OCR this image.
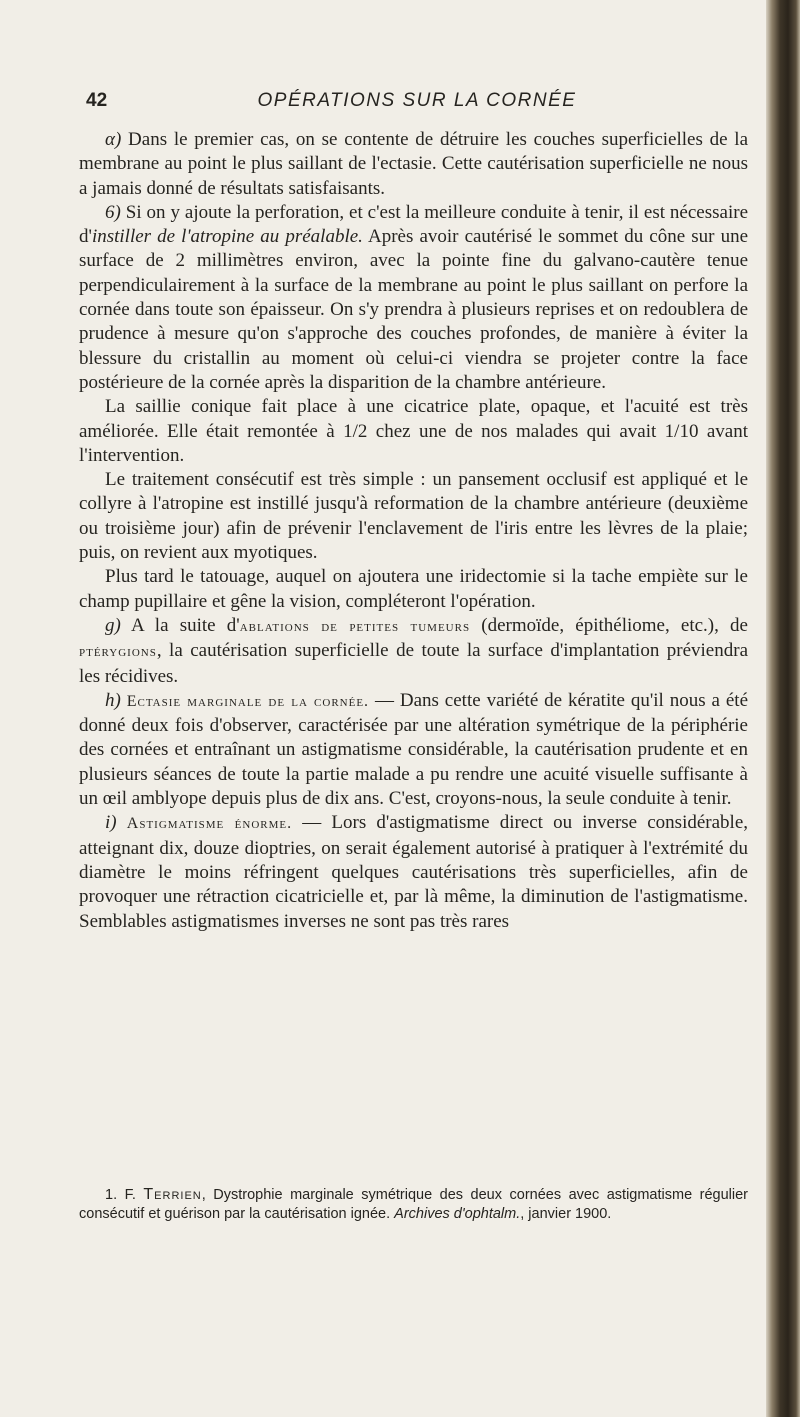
42	OPÉRATIONS SUR LA CORNÉE

α) Dans le premier cas, on se contente de détruire les couches superficielles de la membrane au point le plus saillant de l'ectasie. Cette cautérisation superficielle ne nous a jamais donné de résultats satisfaisants.

6) Si on y ajoute la perforation, et c'est la meilleure conduite à tenir, il est nécessaire d'instiller de l'atropine au préalable. Après avoir cautérisé le sommet du cône sur une surface de 2 millimètres environ, avec la pointe fine du galvano-cautère tenue perpendiculairement à la surface de la membrane au point le plus saillant on perfore la cornée dans toute son épaisseur. On s'y prendra à plusieurs reprises et on redoublera de prudence à mesure qu'on s'approche des couches profondes, de manière à éviter la blessure du cristallin au moment où celui-ci viendra se projeter contre la face postérieure de la cornée après la disparition de la chambre antérieure.

La saillie conique fait place à une cicatrice plate, opaque, et l'acuité est très améliorée. Elle était remontée à 1/2 chez une de nos malades qui avait 1/10 avant l'intervention.

Le traitement consécutif est très simple : un pansement occlusif est appliqué et le collyre à l'atropine est instillé jusqu'à reformation de la chambre antérieure (deuxième ou troisième jour) afin de prévenir l'enclavement de l'iris entre les lèvres de la plaie; puis, on revient aux myotiques.

Plus tard le tatouage, auquel on ajoutera une iridectomie si la tache empiète sur le champ pupillaire et gêne la vision, compléteront l'opération.

g) A la suite d'ablations de petites tumeurs (dermoïde, épithéliome, etc.), de ptérygions, la cautérisation superficielle de toute la surface d'implantation préviendra les récidives.

h) Ectasie marginale de la cornée. — Dans cette variété de kératite qu'il nous a été donné deux fois d'observer, caractérisée par une altération symétrique de la périphérie des cornées et entraînant un astigmatisme considérable, la cautérisation prudente et en plusieurs séances de toute la partie malade a pu rendre une acuité visuelle suffisante à un œil amblyope depuis plus de dix ans. C'est, croyons-nous, la seule conduite à tenir.

i) Astigmatisme énorme. — Lors d'astigmatisme direct ou inverse considérable, atteignant dix, douze dioptries, on serait également autorisé à pratiquer à l'extrémité du diamètre le moins réfringent quelques cautérisations très superficielles, afin de provoquer une rétraction cicatricielle et, par là même, la diminution de l'astigmatisme. Semblables astigmatismes inverses ne sont pas très rares

1. F. Terrien, Dystrophie marginale symétrique des deux cornées avec astigmatisme régulier consécutif et guérison par la cautérisation ignée. Archives d'ophtalm., janvier 1900.
